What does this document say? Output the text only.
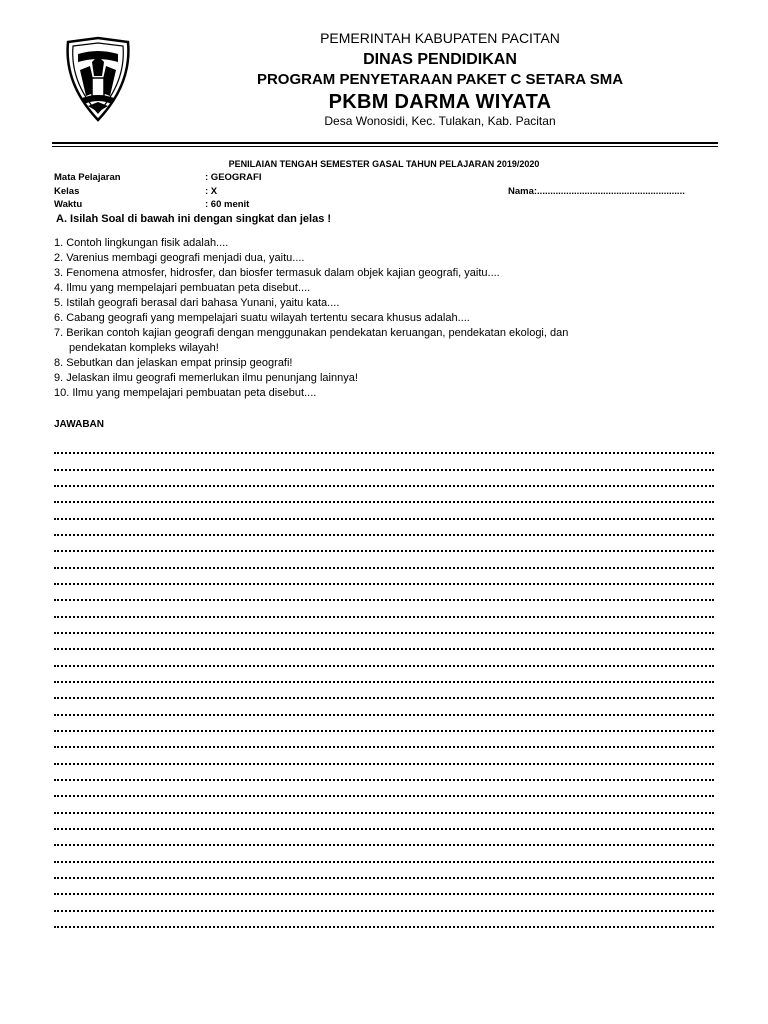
PEMERINTAH KABUPATEN PACITAN
DINAS PENDIDIKAN
PROGRAM PENYETARAAN PAKET C SETARA SMA
PKBM DARMA WIYATA
Desa Wonosidi, Kec. Tulakan, Kab. Pacitan
PENILAIAN TENGAH SEMESTER GASAL TAHUN PELAJARAN 2019/2020
Mata Pelajaran	: GEOGRAFI
Kelas	: X	Nama:........................................................
Waktu	: 60 menit
A. Isilah Soal di bawah ini dengan singkat dan jelas !
1. Contoh lingkungan fisik adalah....
2. Varenius membagi geografi menjadi dua, yaitu....
3. Fenomena atmosfer, hidrosfer, dan biosfer termasuk dalam objek kajian geografi, yaitu....
4. Ilmu yang mempelajari pembuatan peta disebut....
5. Istilah geografi berasal dari bahasa Yunani, yaitu kata....
6. Cabang geografi yang mempelajari suatu wilayah tertentu secara khusus adalah....
7. Berikan contoh kajian geografi dengan menggunakan pendekatan keruangan, pendekatan ekologi, dan
pendekatan kompleks wilayah!
8. Sebutkan dan jelaskan empat prinsip geografi!
9. Jelaskan ilmu geografi memerlukan ilmu penunjang lainnya!
10. Ilmu yang mempelajari pembuatan peta disebut....
JAWABAN
